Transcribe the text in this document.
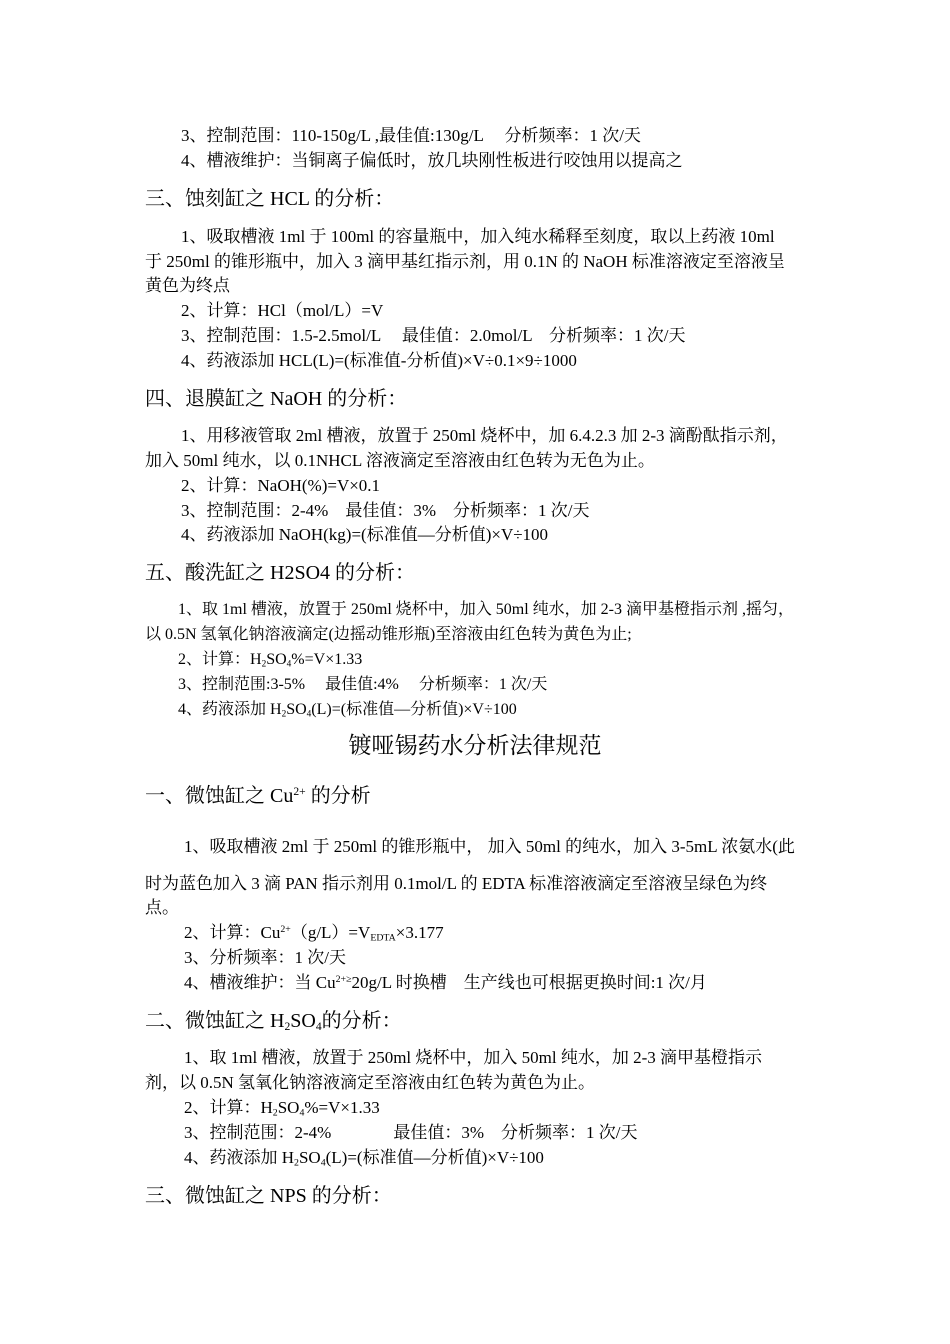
3、控制范围：110-150g/L ,最佳值:130g/L　 分析频率：1 次/天
4、槽液维护：当铜离子偏低时，放几块刚性板进行咬蚀用以提高之
三、蚀刻缸之 HCL 的分析：
1、吸取槽液 1ml 于 100ml 的容量瓶中，加入纯水稀释至刻度，取以上药液 10ml
于 250ml 的锥形瓶中，加入 3 滴甲基红指示剂，用 0.1N 的 NaOH 标准溶液定至溶液呈
黄色为终点
2、计算：HCl（mol/L）=V
3、控制范围：1.5-2.5mol/L　 最佳值：2.0mol/L　分析频率：1 次/天
4、药液添加 HCL(L)=(标准值-分析值)×V÷0.1×9÷1000
四、退膜缸之 NaOH 的分析：
1、用移液管取 2ml 槽液，放置于 250ml 烧杯中，加 6.4.2.3 加 2-3 滴酚酞指示剂，
加入 50ml 纯水，以 0.1NHCL 溶液滴定至溶液由红色转为无色为止。
2、计算：NaOH(%)=V×0.1
3、控制范围：2-4%　最佳值：3%　分析频率：1 次/天
4、药液添加 NaOH(kg)=(标准值—分析值)×V÷100
五、酸洗缸之 H2SO4 的分析：
1、取 1ml 槽液，放置于 250ml 烧杯中，加入 50ml 纯水，加 2-3 滴甲基橙指示剂 ,摇匀，
以 0.5N 氢氧化钠溶液滴定(边摇动锥形瓶)至溶液由红色转为黄色为止;
2、计算：$H_2SO_4\%=V\times 1.33$
3、控制范围:3-5%　 最佳值:4%　 分析频率：1 次/天
4、药液添加 $H_2SO_4(L)=$(标准值—分析值)×V÷100
镀哑锡药水分析法律规范
一、微蚀缸之 $Cu^{2+}$ 的分析
1、吸取槽液 2ml 于 250ml 的锥形瓶中， 加入 50ml 的纯水，加入 3-5mL 浓氨水(此
时为蓝色加入 3 滴 PAN 指示剂用 0.1mol/L 的 EDTA 标准溶液滴定至溶液呈绿色为终
点。
2、计算：$Cu^{2+}(g/L)=V_{EDTA}\times 3.177$
3、分析频率：1 次/天
4、槽液维护：当 $Cu^{2+\ge}20g/L$ 时换槽　生产线也可根据更换时间:1 次/月
二、微蚀缸之 $H_2SO_4$的分析：
1、取 1ml 槽液，放置于 250ml 烧杯中，加入 50ml 纯水，加 2-3 滴甲基橙指示
剂，以 0.5N 氢氧化钠溶液滴定至溶液由红色转为黄色为止。
2、计算：$H_2SO_4\%=V\times 1.33$
3、控制范围：2-4%	最佳值：3%　分析频率：1 次/天
4、药液添加 $H_2SO_4(L)=$(标准值—分析值)×V÷100
三、微蚀缸之 NPS 的分析：
